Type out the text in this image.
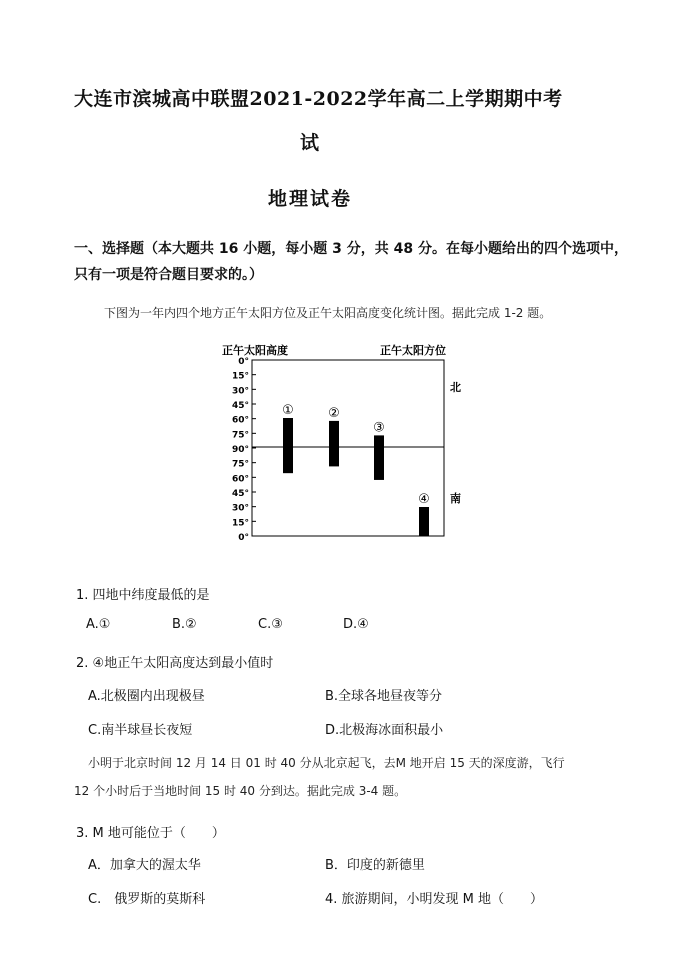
大连市滨城高中联盟2021-2022学年高二上学期期中考
试
地理试卷
一、选择题（本大题共 16 小题，每小题 3 分，共 48 分。在每小题给出的四个选项中，
只有一项是符合题目要求的。）
下图为一年内四个地方正午太阳方位及正午太阳高度变化统计图。据此完成 1-2 题。
正午太阳高度	正午太阳方位
0°
15°
30°
45°
60°
75°
90°
75°
60°
45°
30°
15°
0°
①	②
③
④
北
南
1. 四地中纬度最低的是
A.①	B.②	C.③	D.④
2. ④地正午太阳高度达到最小值时
A.北极圈内出现极昼	B.全球各地昼夜等分
C.南半球昼长夜短	D.北极海冰面积最小
小明于北京时间 12 月 14 日 01 时 40 分从北京起飞，去M 地开启 15 天的深度游，飞行
12 个小时后于当地时间 15 时 40 分到达。据此完成 3-4 题。
3. M 地可能位于（　　）
A．加拿大的渥太华	B．印度的新德里
C.　俄罗斯的莫斯科	4. 旅游期间，小明发现 M 地（　　）
